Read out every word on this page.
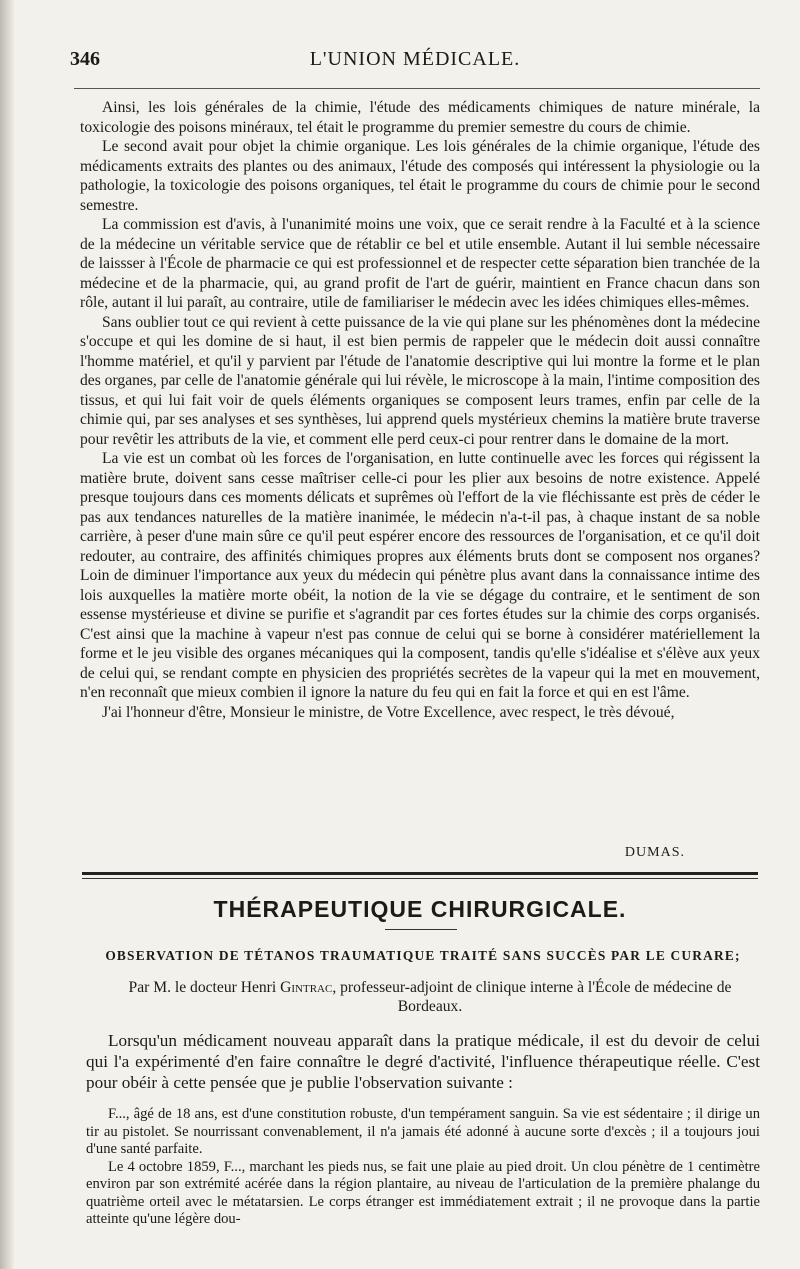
346	L'UNION MÉDICALE.

Ainsi, les lois générales de la chimie, l'étude des médicaments chimiques de nature minérale, la toxicologie des poisons minéraux, tel était le programme du premier semestre du cours de chimie.

Le second avait pour objet la chimie organique. Les lois générales de la chimie organique, l'étude des médicaments extraits des plantes ou des animaux, l'étude des composés qui intéressent la physiologie ou la pathologie, la toxicologie des poisons organiques, tel était le programme du cours de chimie pour le second semestre.

La commission est d'avis, à l'unanimité moins une voix, que ce serait rendre à la Faculté et à la science de la médecine un véritable service que de rétablir ce bel et utile ensemble. Autant il lui semble nécessaire de laissser à l'École de pharmacie ce qui est professionnel et de respecter cette séparation bien tranchée de la médecine et de la pharmacie, qui, au grand profit de l'art de guérir, maintient en France chacun dans son rôle, autant il lui paraît, au contraire, utile de familiariser le médecin avec les idées chimiques elles-mêmes.

Sans oublier tout ce qui revient à cette puissance de la vie qui plane sur les phénomènes dont la médecine s'occupe et qui les domine de si haut, il est bien permis de rappeler que le médecin doit aussi connaître l'homme matériel, et qu'il y parvient par l'étude de l'anatomie descriptive qui lui montre la forme et le plan des organes, par celle de l'anatomie générale qui lui révèle, le microscope à la main, l'intime composition des tissus, et qui lui fait voir de quels éléments organiques se composent leurs trames, enfin par celle de la chimie qui, par ses analyses et ses synthèses, lui apprend quels mystérieux chemins la matière brute traverse pour revêtir les attributs de la vie, et comment elle perd ceux-ci pour rentrer dans le domaine de la mort.

La vie est un combat où les forces de l'organisation, en lutte continuelle avec les forces qui régissent la matière brute, doivent sans cesse maîtriser celle-ci pour les plier aux besoins de notre existence. Appelé presque toujours dans ces moments délicats et suprêmes où l'effort de la vie fléchissante est près de céder le pas aux tendances naturelles de la matière inanimée, le médecin n'a-t-il pas, à chaque instant de sa noble carrière, à peser d'une main sûre ce qu'il peut espérer encore des ressources de l'organisation, et ce qu'il doit redouter, au contraire, des affinités chimiques propres aux éléments bruts dont se composent nos organes? Loin de diminuer l'importance aux yeux du médecin qui pénètre plus avant dans la connaissance intime des lois auxquelles la matière morte obéit, la notion de la vie se dégage du contraire, et le sentiment de son essense mystérieuse et divine se purifie et s'agrandit par ces fortes études sur la chimie des corps organisés. C'est ainsi que la machine à vapeur n'est pas connue de celui qui se borne à considérer matériellement la forme et le jeu visible des organes mécaniques qui la composent, tandis qu'elle s'idéalise et s'élève aux yeux de celui qui, se rendant compte en physicien des propriétés secrètes de la vapeur qui la met en mouvement, n'en reconnaît que mieux combien il ignore la nature du feu qui en fait la force et qui en est l'âme.

J'ai l'honneur d'être, Monsieur le ministre, de Votre Excellence, avec respect, le très dévoué,

DUMAS.
THÉRAPEUTIQUE CHIRURGICALE.
OBSERVATION DE TÉTANOS TRAUMATIQUE TRAITÉ SANS SUCCÈS PAR LE CURARE;
Par M. le docteur Henri Gintrac, professeur-adjoint de clinique interne à l'École de médecine de Bordeaux.

Lorsqu'un médicament nouveau apparaît dans la pratique médicale, il est du devoir de celui qui l'a expérimenté d'en faire connaître le degré d'activité, l'influence thérapeutique réelle. C'est pour obéir à cette pensée que je publie l'observation suivante :

F..., âgé de 18 ans, est d'une constitution robuste, d'un tempérament sanguin. Sa vie est sédentaire ; il dirige un tir au pistolet. Se nourrissant convenablement, il n'a jamais été adonné à aucune sorte d'excès ; il a toujours joui d'une santé parfaite.

Le 4 octobre 1859, F..., marchant les pieds nus, se fait une plaie au pied droit. Un clou pénètre de 1 centimètre environ par son extrémité acérée dans la région plantaire, au niveau de l'articulation de la première phalange du quatrième orteil avec le métatarsien. Le corps étranger est immédiatement extrait ; il ne provoque dans la partie atteinte qu'une légère dou-
